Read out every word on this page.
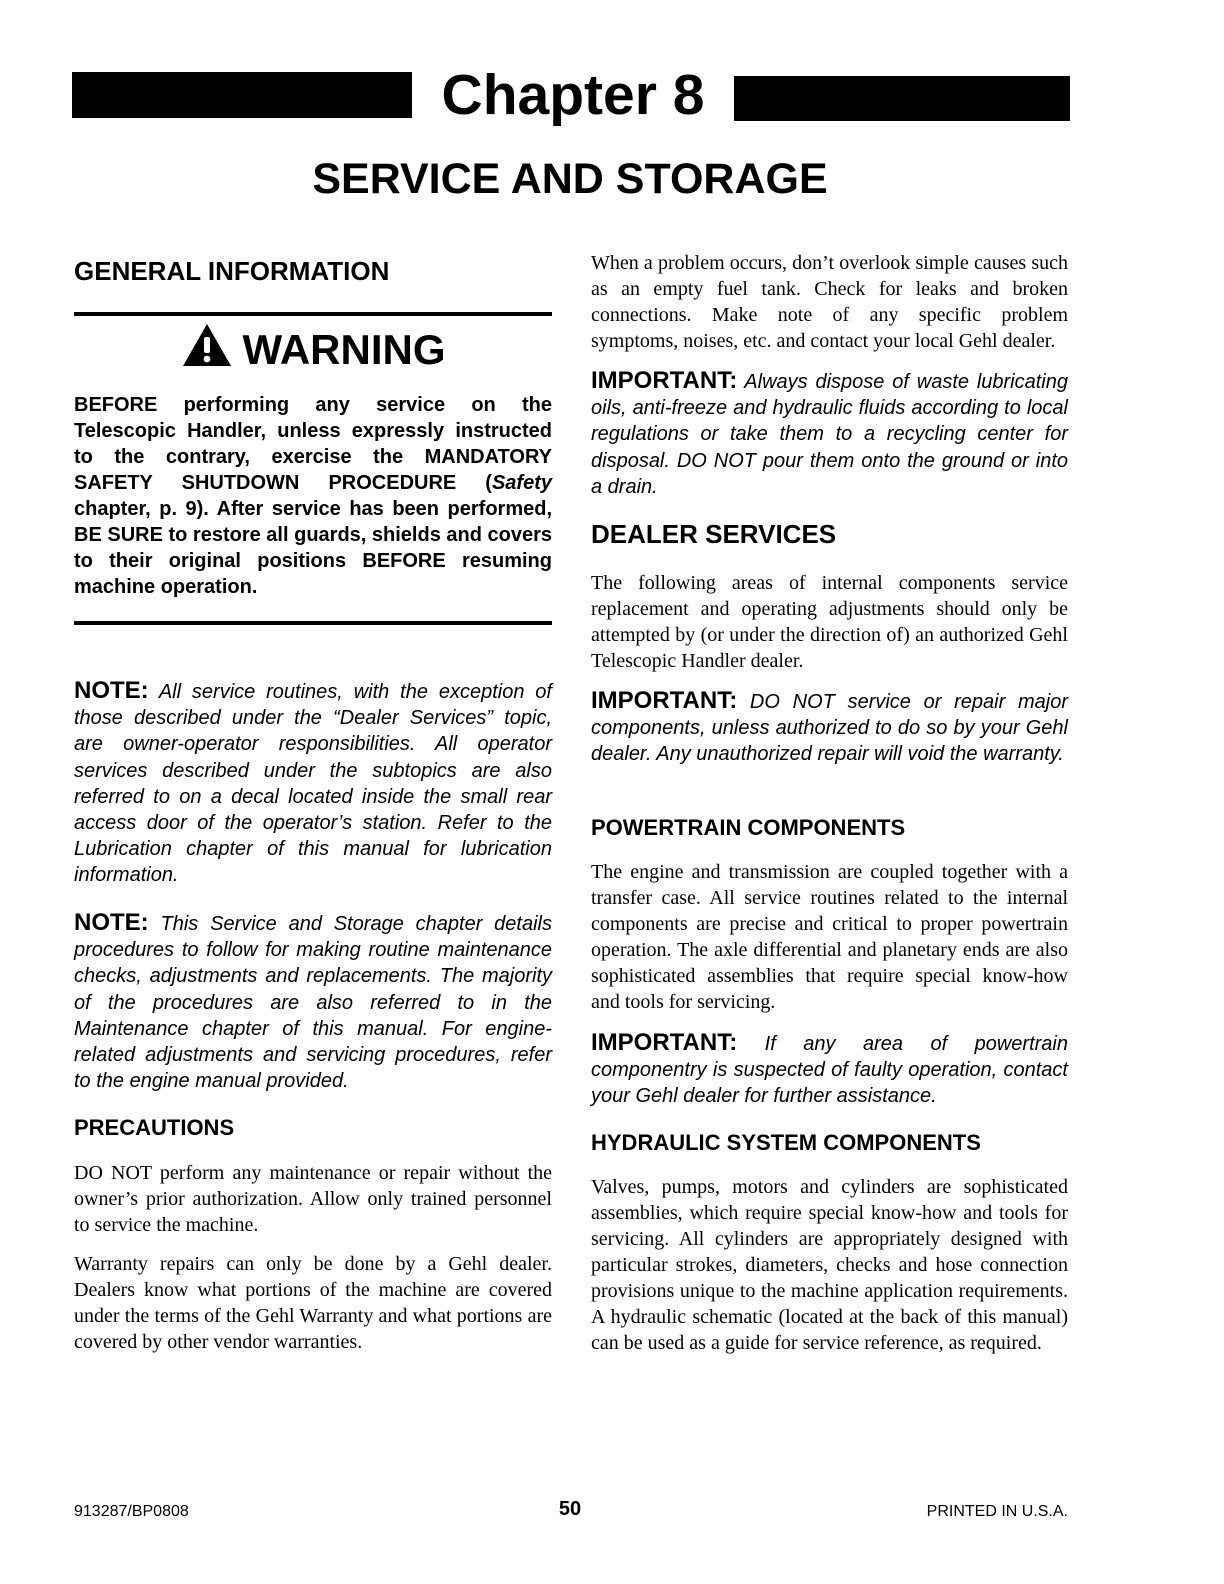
Chapter 8
SERVICE AND STORAGE
GENERAL INFORMATION
WARNING

BEFORE performing any service on the Telescopic Handler, unless expressly instructed to the contrary, exercise the MANDATORY SAFETY SHUTDOWN PROCEDURE (Safety chapter, p. 9). After service has been performed, BE SURE to restore all guards, shields and covers to their original positions BEFORE resuming machine operation.

NOTE: All service routines, with the exception of those described under the “Dealer Services” topic, are owner-operator responsibilities. All operator services described under the subtopics are also referred to on a decal located inside the small rear access door of the operator’s station. Refer to the Lubrication chapter of this manual for lubrication information.

NOTE: This Service and Storage chapter details procedures to follow for making routine maintenance checks, adjustments and replacements. The majority of the procedures are also referred to in the Maintenance chapter of this manual. For engine-related adjustments and servicing procedures, refer to the engine manual provided.

PRECAUTIONS

DO NOT perform any maintenance or repair without the owner’s prior authorization. Allow only trained personnel to service the machine.

Warranty repairs can only be done by a Gehl dealer. Dealers know what portions of the machine are covered under the terms of the Gehl Warranty and what portions are covered by other vendor warranties.

When a problem occurs, don’t overlook simple causes such as an empty fuel tank. Check for leaks and broken connections. Make note of any specific problem symptoms, noises, etc. and contact your local Gehl dealer.

IMPORTANT: Always dispose of waste lubricating oils, anti-freeze and hydraulic fluids according to local regulations or take them to a recycling center for disposal. DO NOT pour them onto the ground or into a drain.

DEALER SERVICES

The following areas of internal components service replacement and operating adjustments should only be attempted by (or under the direction of) an authorized Gehl Telescopic Handler dealer.

IMPORTANT: DO NOT service or repair major components, unless authorized to do so by your Gehl dealer. Any unauthorized repair will void the warranty.

POWERTRAIN COMPONENTS

The engine and transmission are coupled together with a transfer case. All service routines related to the internal components are precise and critical to proper powertrain operation. The axle differential and planetary ends are also sophisticated assemblies that require special know-how and tools for servicing.

IMPORTANT: If any area of powertrain componentry is suspected of faulty operation, contact your Gehl dealer for further assistance.

HYDRAULIC SYSTEM COMPONENTS

Valves, pumps, motors and cylinders are sophisticated assemblies, which require special know-how and tools for servicing. All cylinders are appropriately designed with particular strokes, diameters, checks and hose connection provisions unique to the machine application requirements. A hydraulic schematic (located at the back of this manual) can be used as a guide for service reference, as required.

913287/BP0808	50	PRINTED IN U.S.A.
